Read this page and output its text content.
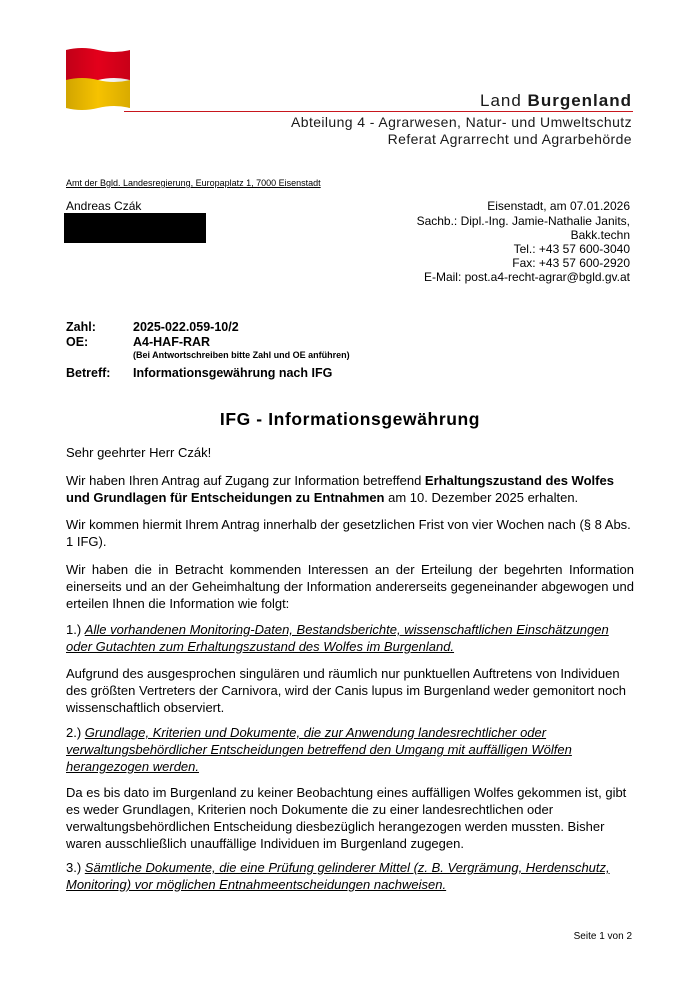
Land Burgenland
Abteilung 4 - Agrarwesen, Natur- und Umweltschutz
Referat Agrarrecht und Agrarbehörde
Amt der Bgld. Landesregierung, Europaplatz 1, 7000 Eisenstadt
Andreas Czák	Eisenstadt, am 07.01.2026
Sachb.: Dipl.-Ing. Jamie-Nathalie Janits,
Bakk.techn
Tel.: +43 57 600-3040
Fax: +43 57 600-2920
E-Mail: post.a4-recht-agrar@bgld.gv.at
Zahl:	2025-022.059-10/2
OE:	A4-HAF-RAR
(Bei Antwortschreiben bitte Zahl und OE anführen)
Betreff:	Informationsgewährung nach IFG
IFG - Informationsgewährung
Sehr geehrter Herr Czák!
Wir haben Ihren Antrag auf Zugang zur Information betreffend Erhaltungszustand des Wolfes und Grundlagen für Entscheidungen zu Entnahmen am 10. Dezember 2025 erhalten.
Wir kommen hiermit Ihrem Antrag innerhalb der gesetzlichen Frist von vier Wochen nach (§ 8 Abs. 1 IFG).
Wir haben die in Betracht kommenden Interessen an der Erteilung der begehrten Information einerseits und an der Geheimhaltung der Information andererseits gegeneinander abgewogen und erteilen Ihnen die Information wie folgt:
1.) Alle vorhandenen Monitoring-Daten, Bestandsberichte, wissenschaftlichen Einschätzungen oder Gutachten zum Erhaltungszustand des Wolfes im Burgenland.
Aufgrund des ausgesprochen singulären und räumlich nur punktuellen Auftretens von Individuen des größten Vertreters der Carnivora, wird der Canis lupus im Burgenland weder gemonitort noch wissenschaftlich observiert.
2.) Grundlage, Kriterien und Dokumente, die zur Anwendung landesrechtlicher oder verwaltungsbehördlicher Entscheidungen betreffend den Umgang mit auffälligen Wölfen herangezogen werden.
Da es bis dato im Burgenland zu keiner Beobachtung eines auffälligen Wolfes gekommen ist, gibt es weder Grundlagen, Kriterien noch Dokumente die zu einer landesrechtlichen oder verwaltungsbehördlichen Entscheidung diesbezüglich herangezogen werden mussten. Bisher waren ausschließlich unauffällige Individuen im Burgenland zugegen.
3.) Sämtliche Dokumente, die eine Prüfung gelinderer Mittel (z. B. Vergrämung, Herdenschutz, Monitoring) vor möglichen Entnahmeentscheidungen nachweisen.
Seite 1 von 2
